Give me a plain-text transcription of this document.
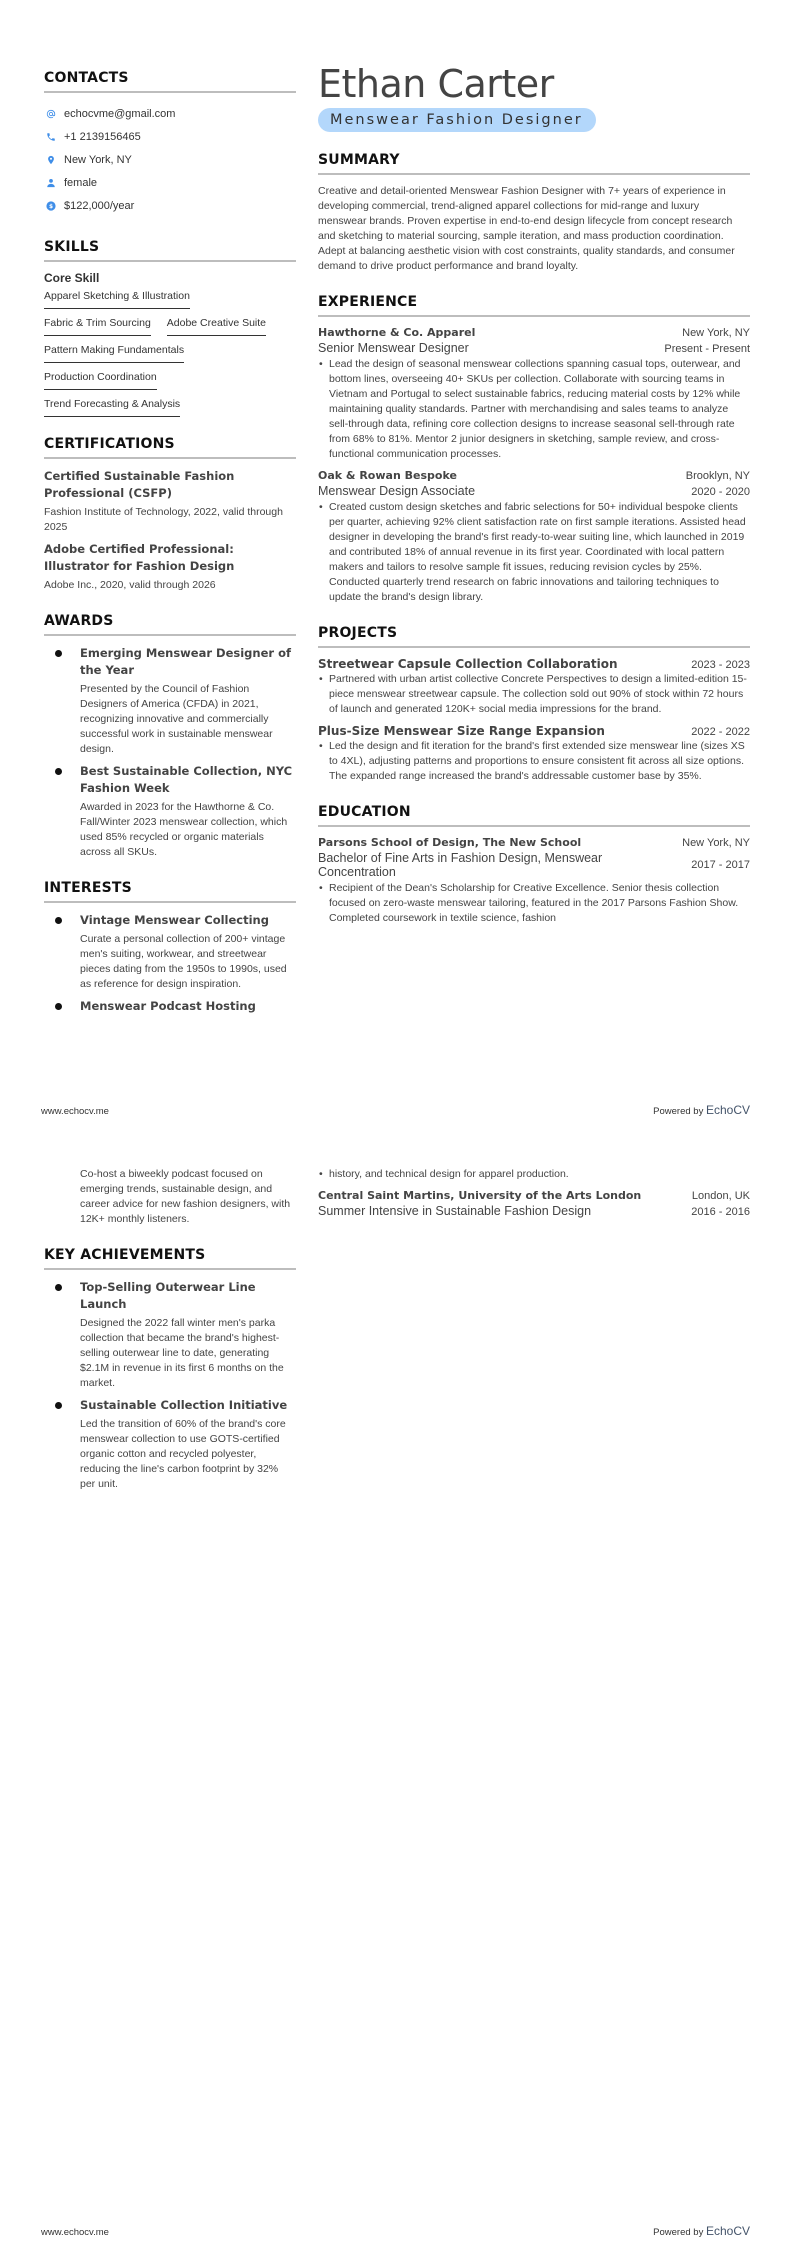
CONTACTS
echocvme@gmail.com
+1 2139156465
New York, NY
female
$ $122,000/year
SKILLS
Core Skill
Apparel Sketching & Illustration
Fabric & Trim Sourcing Adobe Creative Suite
Pattern Making Fundamentals
Production Coordination
Trend Forecasting & Analysis
CERTIFICATIONS
Certified Sustainable Fashion Professional (CSFP)
Fashion Institute of Technology, 2022, valid through 2025
Adobe Certified Professional: Illustrator for Fashion Design
Adobe Inc., 2020, valid through 2026
AWARDS
Emerging Menswear Designer of the Year
Presented by the Council of Fashion Designers of America (CFDA) in 2021, recognizing innovative and commercially successful work in sustainable menswear design.
Best Sustainable Collection, NYC Fashion Week
Awarded in 2023 for the Hawthorne & Co. Fall/Winter 2023 menswear collection, which used 85% recycled or organic materials across all SKUs.
INTERESTS
Vintage Menswear Collecting
Curate a personal collection of 200+ vintage men's suiting, workwear, and streetwear pieces dating from the 1950s to 1990s, used as reference for design inspiration.
Menswear Podcast Hosting
Ethan Carter
Menswear Fashion Designer
SUMMARY
Creative and detail-oriented Menswear Fashion Designer with 7+ years of experience in developing commercial, trend-aligned apparel collections for mid-range and luxury menswear brands. Proven expertise in end-to-end design lifecycle from concept research and sketching to material sourcing, sample iteration, and mass production coordination. Adept at balancing aesthetic vision with cost constraints, quality standards, and consumer demand to drive product performance and brand loyalty.
EXPERIENCE
Hawthorne & Co. Apparel	New York, NY
Senior Menswear Designer	Present - Present
• Lead the design of seasonal menswear collections spanning casual tops, outerwear, and bottom lines, overseeing 40+ SKUs per collection. Collaborate with sourcing teams in Vietnam and Portugal to select sustainable fabrics, reducing material costs by 12% while maintaining quality standards. Partner with merchandising and sales teams to analyze sell-through data, refining core collection designs to increase seasonal sell-through rate from 68% to 81%. Mentor 2 junior designers in sketching, sample review, and cross-functional communication processes.
Oak & Rowan Bespoke	Brooklyn, NY
Menswear Design Associate	2020 - 2020
• Created custom design sketches and fabric selections for 50+ individual bespoke clients per quarter, achieving 92% client satisfaction rate on first sample iterations. Assisted head designer in developing the brand's first ready-to-wear suiting line, which launched in 2019 and contributed 18% of annual revenue in its first year. Coordinated with local pattern makers and tailors to resolve sample fit issues, reducing revision cycles by 25%. Conducted quarterly trend research on fabric innovations and tailoring techniques to update the brand's design library.
PROJECTS
Streetwear Capsule Collection Collaboration	2023 - 2023
• Partnered with urban artist collective Concrete Perspectives to design a limited-edition 15-piece menswear streetwear capsule. The collection sold out 90% of stock within 72 hours of launch and generated 120K+ social media impressions for the brand.
Plus-Size Menswear Size Range Expansion	2022 - 2022
• Led the design and fit iteration for the brand's first extended size menswear line (sizes XS to 4XL), adjusting patterns and proportions to ensure consistent fit across all size options. The expanded range increased the brand's addressable customer base by 35%.
EDUCATION
Parsons School of Design, The New School	New York, NY
Bachelor of Fine Arts in Fashion Design, Menswear Concentration	2017 - 2017
• Recipient of the Dean's Scholarship for Creative Excellence. Senior thesis collection focused on zero-waste menswear tailoring, featured in the 2017 Parsons Fashion Show. Completed coursework in textile science, fashion
www.echocv.me	Powered by EchoCV
Co-host a biweekly podcast focused on emerging trends, sustainable design, and career advice for new fashion designers, with 12K+ monthly listeners.
KEY ACHIEVEMENTS
Top-Selling Outerwear Line Launch
Designed the 2022 fall winter men's parka collection that became the brand's highest-selling outerwear line to date, generating $2.1M in revenue in its first 6 months on the market.
Sustainable Collection Initiative
Led the transition of 60% of the brand's core menswear collection to use GOTS-certified organic cotton and recycled polyester, reducing the line's carbon footprint by 32% per unit.
• history, and technical design for apparel production.
Central Saint Martins, University of the Arts London	London, UK
Summer Intensive in Sustainable Fashion Design	2016 - 2016
www.echocv.me	Powered by EchoCV
